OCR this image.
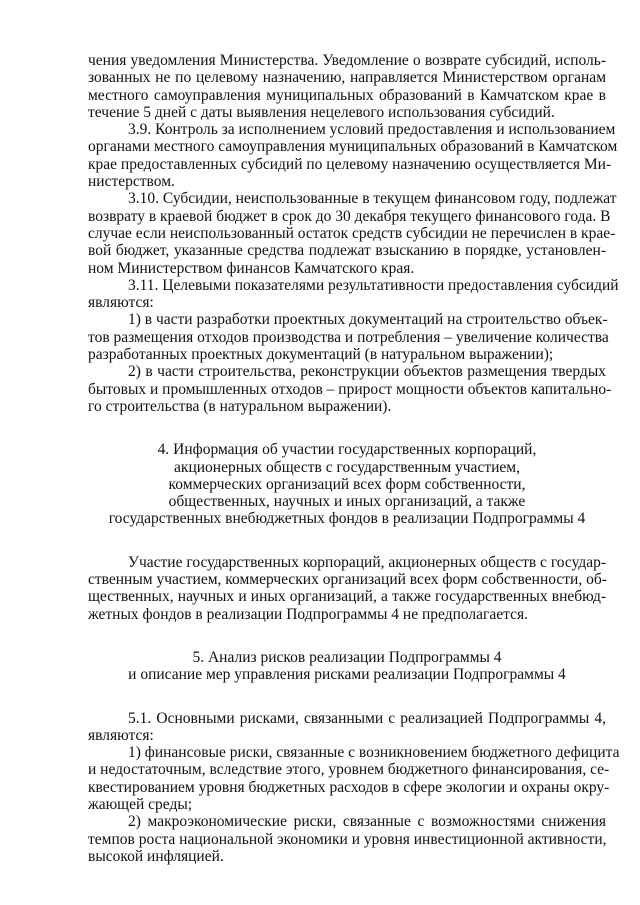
чения уведомления Министерства. Уведомление о возврате субсидий, исполь-
зованных не по целевому назначению, направляется Министерством органам
местного самоуправления муниципальных образований в Камчатском крае в
течение 5 дней с даты выявления нецелевого использования субсидий.
3.9. Контроль за исполнением условий предоставления и использованием
органами местного самоуправления муниципальных образований в Камчатском
крае предоставленных субсидий по целевому назначению осуществляется Ми-
нистерством.
3.10. Субсидии, неиспользованные в текущем финансовом году, подлежат
возврату в краевой бюджет в срок до 30 декабря текущего финансового года. В
случае если неиспользованный остаток средств субсидии не перечислен в крае-
вой бюджет, указанные средства подлежат взысканию в порядке, установлен-
ном Министерством финансов Камчатского края.
3.11. Целевыми показателями результативности предоставления субсидий
являются:
1) в части разработки проектных документаций на строительство объек-
тов размещения отходов производства и потребления – увеличение количества
разработанных проектных документаций (в натуральном выражении);
2) в части строительства, реконструкции объектов размещения твердых
бытовых и промышленных отходов – прирост мощности объектов капитально-
го строительства (в натуральном выражении).
4. Информация об участии государственных корпораций,
акционерных обществ с государственным участием,
коммерческих организаций всех форм собственности,
общественных, научных и иных организаций, а также
государственных внебюджетных фондов в реализации Подпрограммы 4
Участие государственных корпораций, акционерных обществ с государ-
ственным участием, коммерческих организаций всех форм собственности, об-
щественных, научных и иных организаций, а также государственных внебюд-
жетных фондов в реализации Подпрограммы 4 не предполагается.
5. Анализ рисков реализации Подпрограммы 4
и описание мер управления рисками реализации Подпрограммы 4
5.1. Основными рисками, связанными с реализацией Подпрограммы 4,
являются:
1) финансовые риски, связанные с возникновением бюджетного дефицита
и недостаточным, вследствие этого, уровнем бюджетного финансирования, се-
квестированием уровня бюджетных расходов в сфере экологии и охраны окру-
жающей среды;
2) макроэкономические риски, связанные с возможностями снижения
темпов роста национальной экономики и уровня инвестиционной активности,
высокой инфляцией.
